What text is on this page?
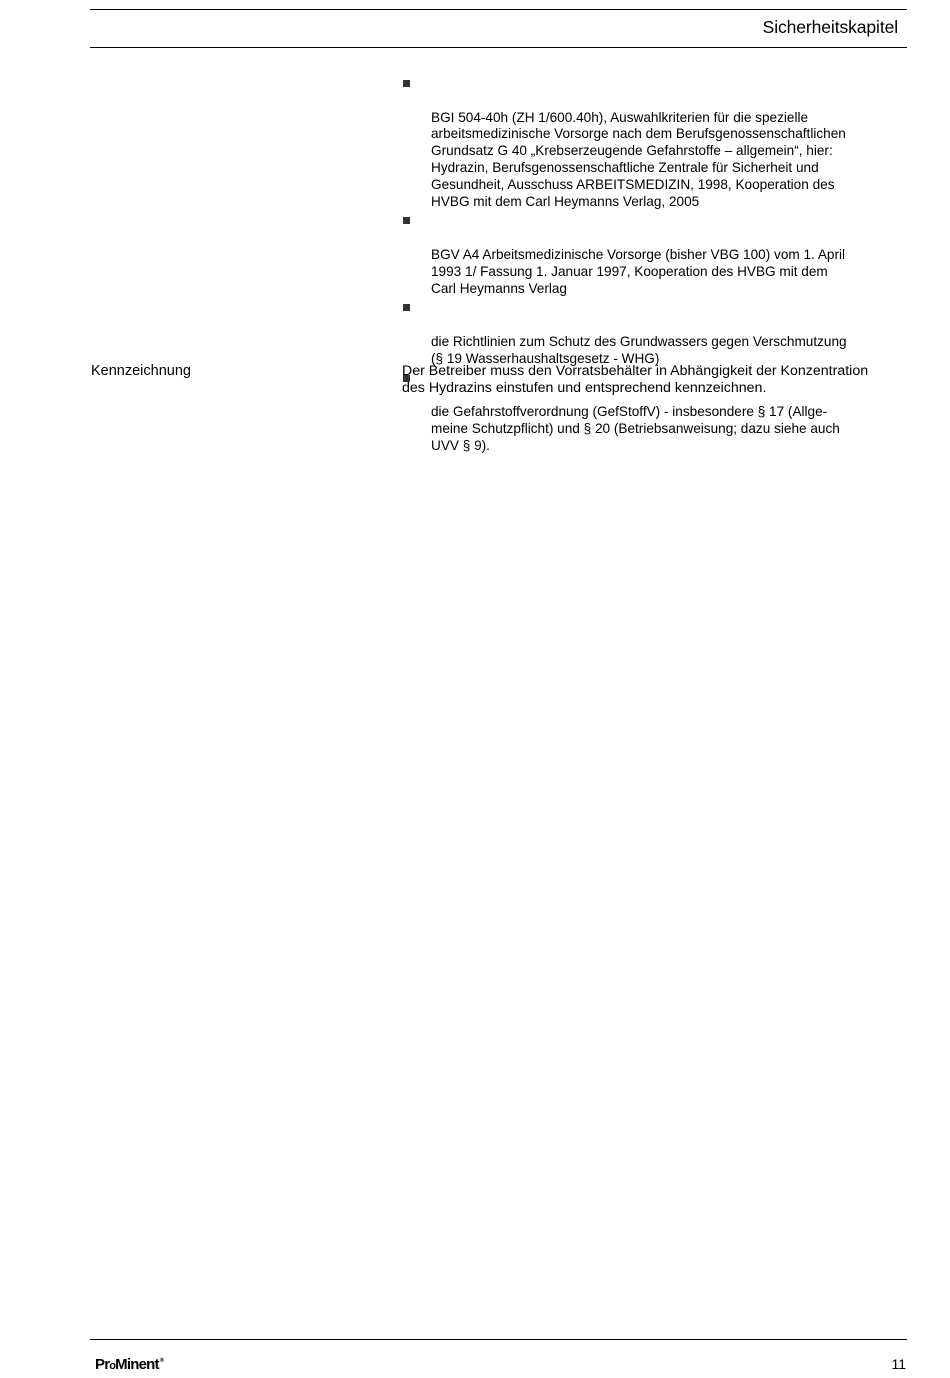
Sicherheitskapitel

BGI 504-40h (ZH 1/600.40h), Auswahlkriterien für die spezielle
arbeitsmedizinische Vorsorge nach dem Berufsgenossenschaftlichen
Grundsatz G 40 „Krebserzeugende Gefahrstoffe – allgemein“, hier:
Hydrazin, Berufsgenossenschaftliche Zentrale für Sicherheit und
Gesundheit, Ausschuss ARBEITSMEDIZIN, 1998, Kooperation des
HVBG mit dem Carl Heymanns Verlag, 2005

BGV A4 Arbeitsmedizinische Vorsorge (bisher VBG 100) vom 1. April
1993 1/ Fassung 1. Januar 1997, Kooperation des HVBG mit dem
Carl Heymanns Verlag

die Richtlinien zum Schutz des Grundwassers gegen Verschmutzung
(§ 19 Wasserhaushaltsgesetz - WHG)

die Gefahrstoffverordnung (GefStoffV) - insbesondere § 17 (Allge-
meine Schutzpflicht) und § 20 (Betriebsanweisung; dazu siehe auch
UVV § 9).

Kennzeichnung	Der Betreiber muss den Vorratsbehälter in Abhängigkeit der Konzentration
des Hydrazins einstufen und entsprechend kennzeichnen.
ProMinent®	11
